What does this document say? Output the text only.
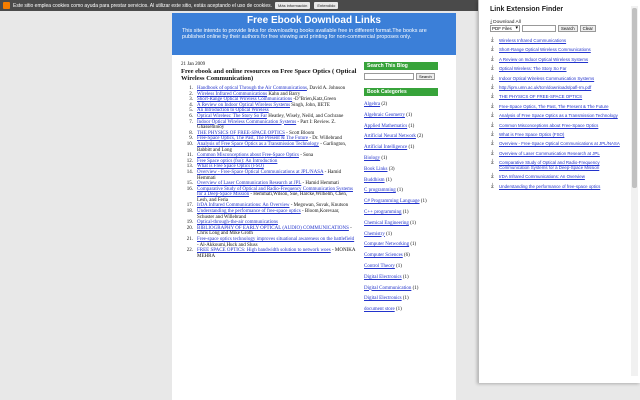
Este sitio emplea cookies como ayuda para prestar servicios. Al utilizar este sitio, estás aceptando el uso de cookies.	Más información	Entendido
Free Ebook Download Links

This site intends to provide links for downloading books available free in different format.The books are published online by their authors for free viewing and printing for non-commercial proposes only.

21 Jan 2009
Free ebook and online resources on Free Space Optics ( Optical Wireless Communication)
1. Handbook of optical Through the Air Communications, David A. Johnson
2. Wireless Infrared Communications Kahn and Barry
3. Short-Range Optical Wireless Communications -D"Brien,Katz,Green
4. A Review on Indoor Optical Wireless Systems Singh, John, IIETE
5. An Introduction to Optical Wireless
6. Optical Wireless: The Story So Far Heatley, Wisely, Neild, and Cochrane
7. Indoor Optical Wireless Communication Systems - Part I: Review. Z. Ghassemlooy
8. THE PHYSICS OF FREE-SPACE OPTICS - Scott Bloom
9. Free-Space Optics, The Past, The Present & The Future - Dr. Willebrand
10. Analysis of Free Space Optics as a Transmission Technology - Garlington, Babbitt and Long
11. Common Misconceptions about Free-Space Optics - Sona
12. Free Space optics (fso): An Introduction
13. What is Free Space Optics (FSO)
14. Overview - Free-Space Optical Communications at JPL/NASA - Hamid Hemmati
15. Overview of Laser Communication Research at JPL - Hamid Hemmati
16. Comparative Study of Optical and Radio-Frequency Communication Systems for a Deep-Space Mission - Hemmati,Wilson, Sue, Harcke,Wilhelm, Chen, Lesh, and Feria
17. IrDA Infrared Communications: An Overview - Megowan, Suvak, Knutson
18. Understanding the performance of free-space optics - Bloom,Korevaar, Schuster and Willebrand
19. Optical-through-the-air communications
20. BIBLIOGRAPHY OF EARLY OPTICAL (AUDIO) COMMUNICATIONS - Chris Long and Mike Groth
21. Free-space optics technology improves situational awareness on the battlefield - Al-Akkoumi,Huck and Sluss
22. FREE SPACE OPTICS: High bandwidth solution to network woes - MONIKA MEHRA
Search This Blog
Search
Book Categories
Algebra (2)
Algebraic Geometry (1)
Applied Mathematics (1)
Artificial Neural Network (2)
Artificial Intelligence (1)
Biology (1)
Book Links (3)
Buddhism (1)
C programming (1)
C# Programming Language (1)
C++ programming (1)
Chemical Engineering (1)
Chemistry (1)
Computer Networking (1)
Computer Sciences (6)
Control Theory (1)
Digital Electronics (1)
Digital Communication (1)
Digital Electronics (1)
document store (1)
Link Extension Finder
⤓ Download All
PDF Files ▾	Search	Clear
⤓	Wireless Infrared Communications
⤓	Short-Range Optical Wireless Communications
⤓	A Review on Indoor Optical Wireless Systems
⤓	Optical Wireless: The Story So Far
⤓	Indoor Optical Wireless Communication Systems
⤓	http://ipm.umn.ac.uk/tcm/downloads/pafl-rm.pdf
⤓	THE PHYSICS OF FREE-SPACE OPTICS
⤓	Free-Space Optics, The Past, The Present & The Future
⤓	Analysis of Free Space Optics as a Transmission Technology
⤓	Common Misconceptions about Free-Space Optics
⤓	What is Free Space Optics (FSO)
⤓	Overview - Free-Space Optical Communications at JPL/NASA
⤓	Overview of Laser Communication Research at JPL
⤓	Comparative Study of Optical and Radio-Frequency Communication Systems for a Deep-Space Mission
⤓	IrDA Infrared Communications: An Overview
⤓	Understanding the performance of free-space optics
